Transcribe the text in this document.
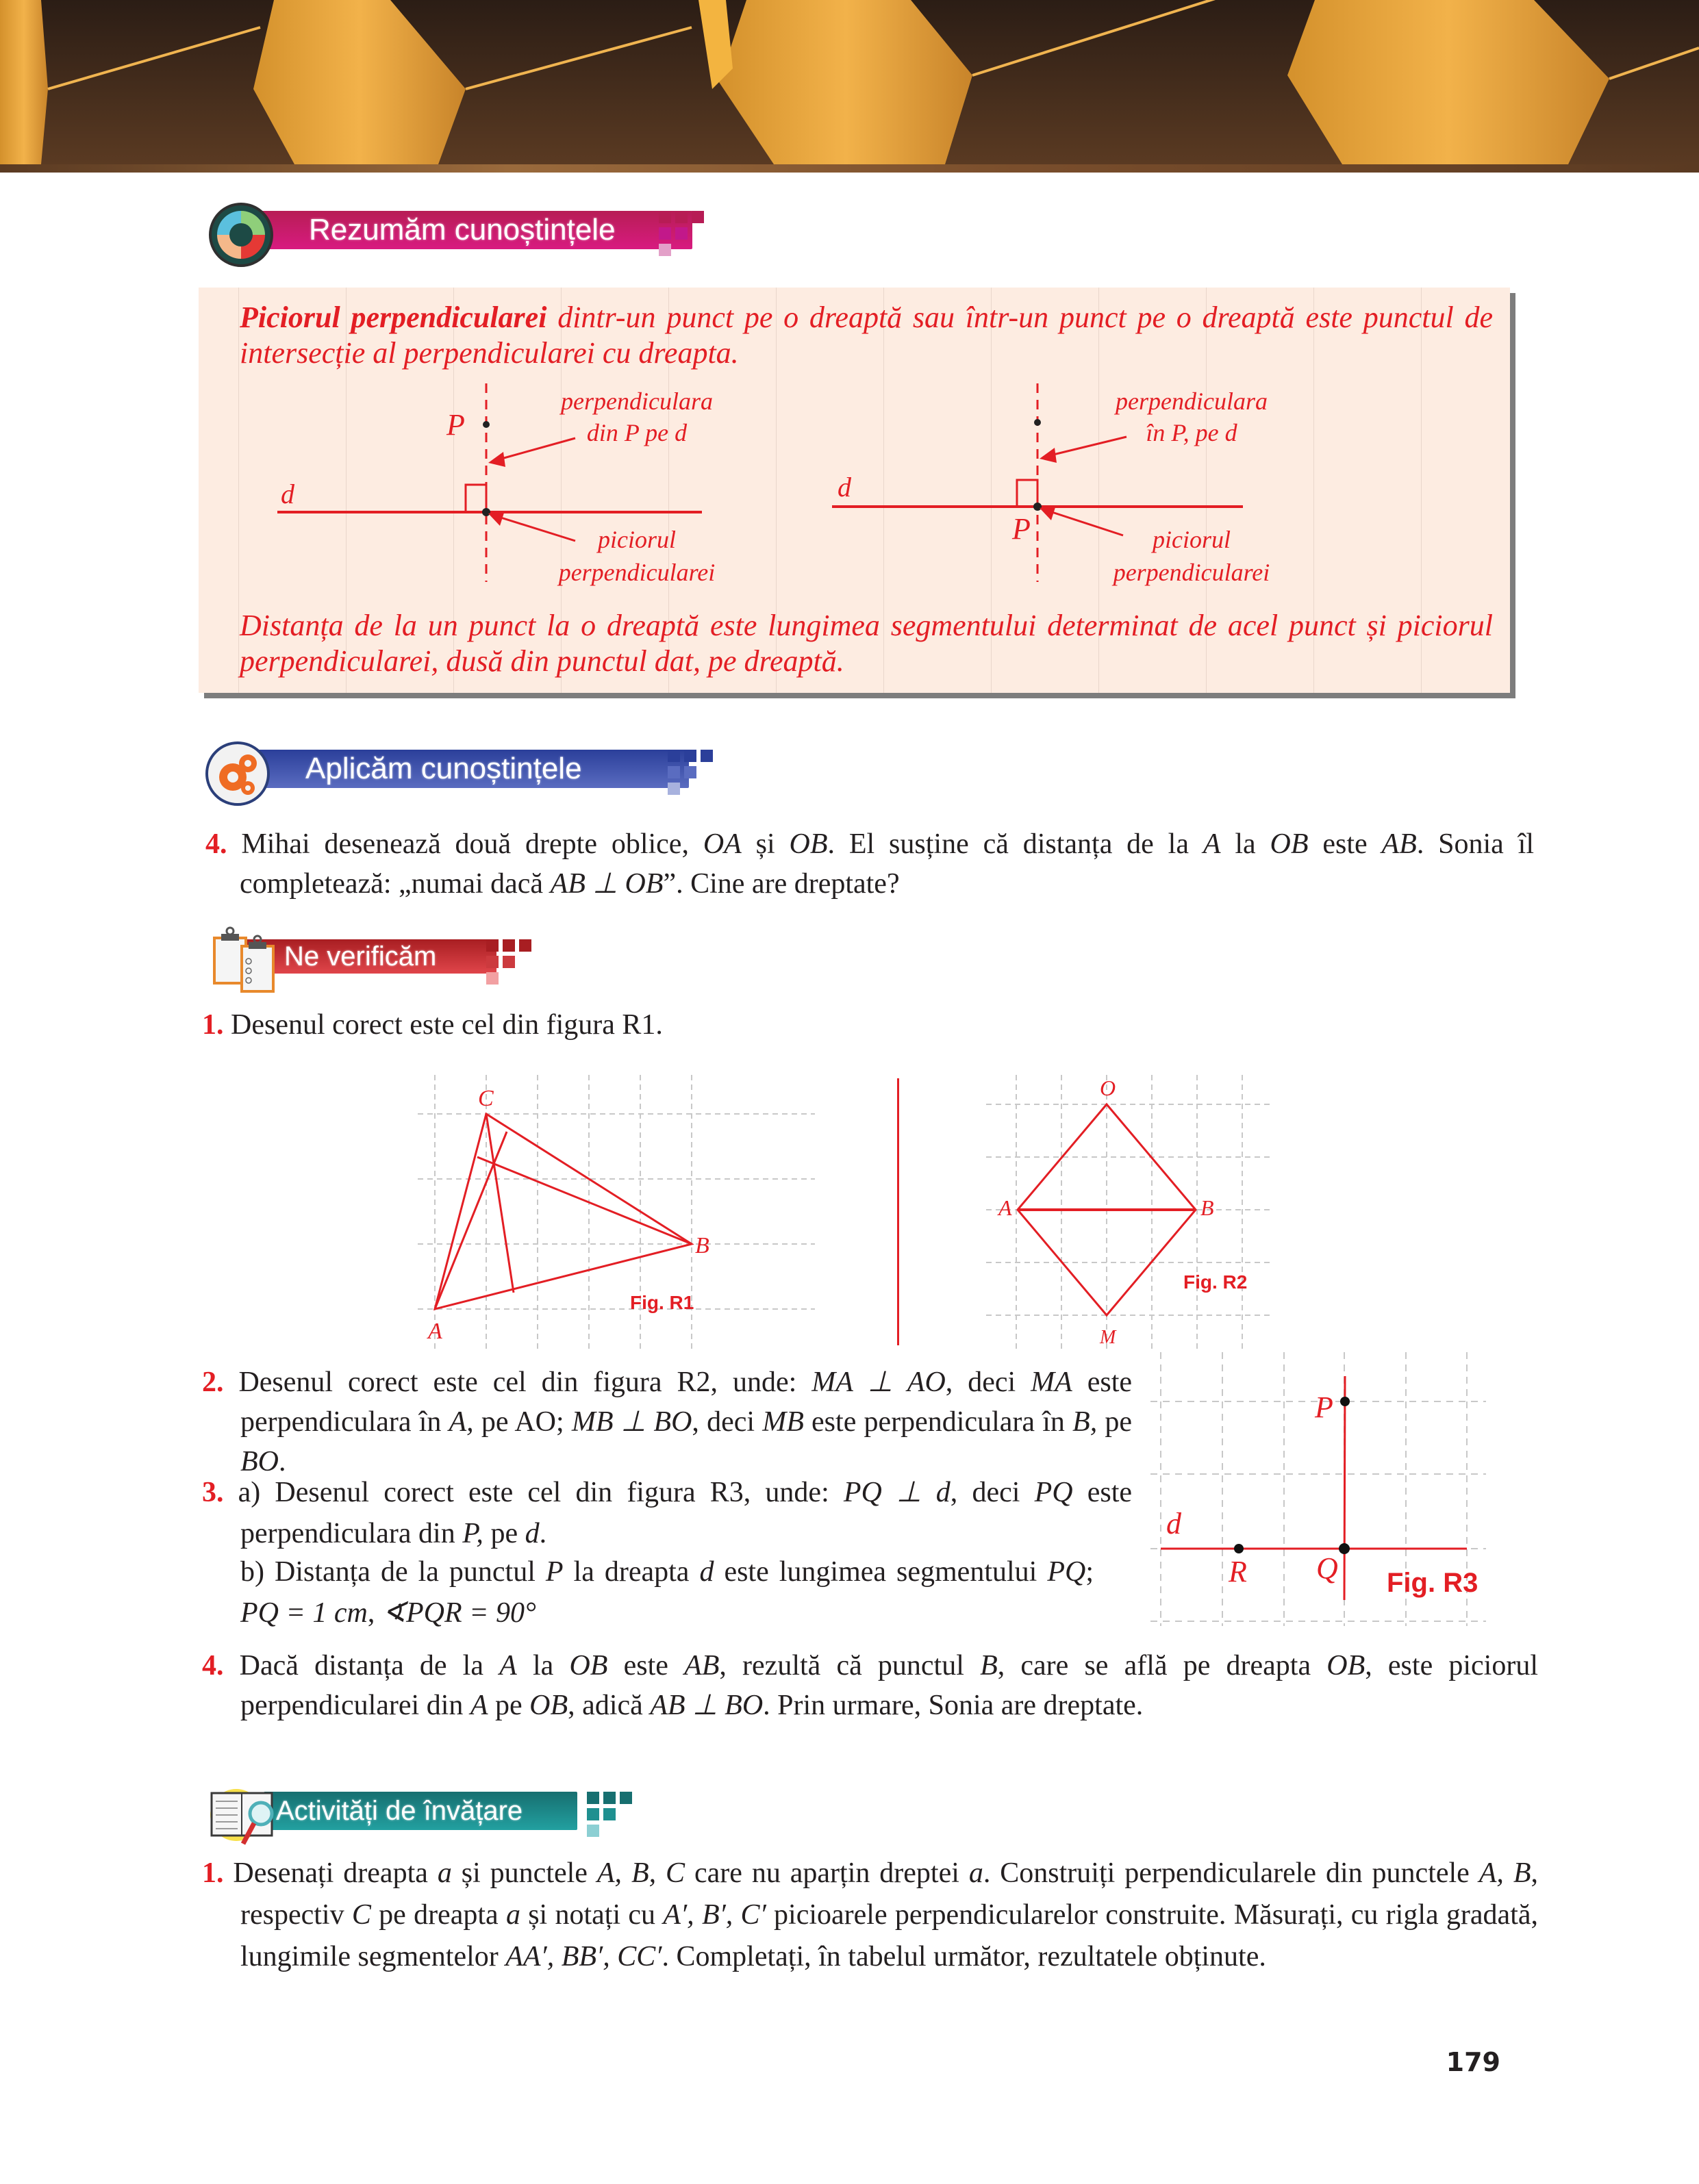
Rezumăm cunoștințele
Piciorul perpendicularei dintr-un punct pe o dreaptă sau într-un punct pe o dreaptă este punctul de intersecție al perpendicularei cu dreapta.
P
d
perpendiculara
din P pe d
piciorul
perpendicularei
P
d
perpendiculara
în P, pe d
piciorul
perpendicularei
Distanța de la un punct la o dreaptă este lungimea segmentului determinat de acel punct și piciorul perpendicularei, dusă din punctul dat, pe dreaptă.
Aplicăm cunoștințele
4. Mihai desenează două drepte oblice, OA și OB. El susține că distanța de la A la OB este AB. Sonia îl completează: „numai dacă AB ⊥ OB”. Cine are dreptate?
Ne verificăm
1. Desenul corect este cel din figura R1.
C
B
A
Fig. R1
O
A	B
M
Fig. R2
2. Desenul corect este cel din figura R2, unde: MA ⊥ AO, deci MA este perpendiculara în A, pe AO; MB ⊥ BO, deci MB este perpendiculara în B, pe BO.
3. a) Desenul corect este cel din figura R3, unde: PQ ⊥ d, deci PQ este perpendiculara din P, pe d.
b) Distanța de la punctul P la dreapta d este lungimea segmentului PQ; PQ = 1 cm, ∢PQR = 90°
P
Q
R
d
Fig. R3
4. Dacă distanța de la A la OB este AB, rezultă că punctul B, care se află pe dreapta OB, este piciorul perpendicularei din A pe OB, adică AB ⊥ BO. Prin urmare, Sonia are dreptate.
Activități de învățare
1. Desenați dreapta a și punctele A, B, C care nu aparțin dreptei a. Construiți perpendicularele din punctele A, B, respectiv C pe dreapta a și notați cu A′, B′, C′ picioarele perpendicularelor construite. Măsurați, cu rigla gradată, lungimile segmentelor AA′, BB′, CC′. Completați, în tabelul următor, rezultatele obținute.
179
